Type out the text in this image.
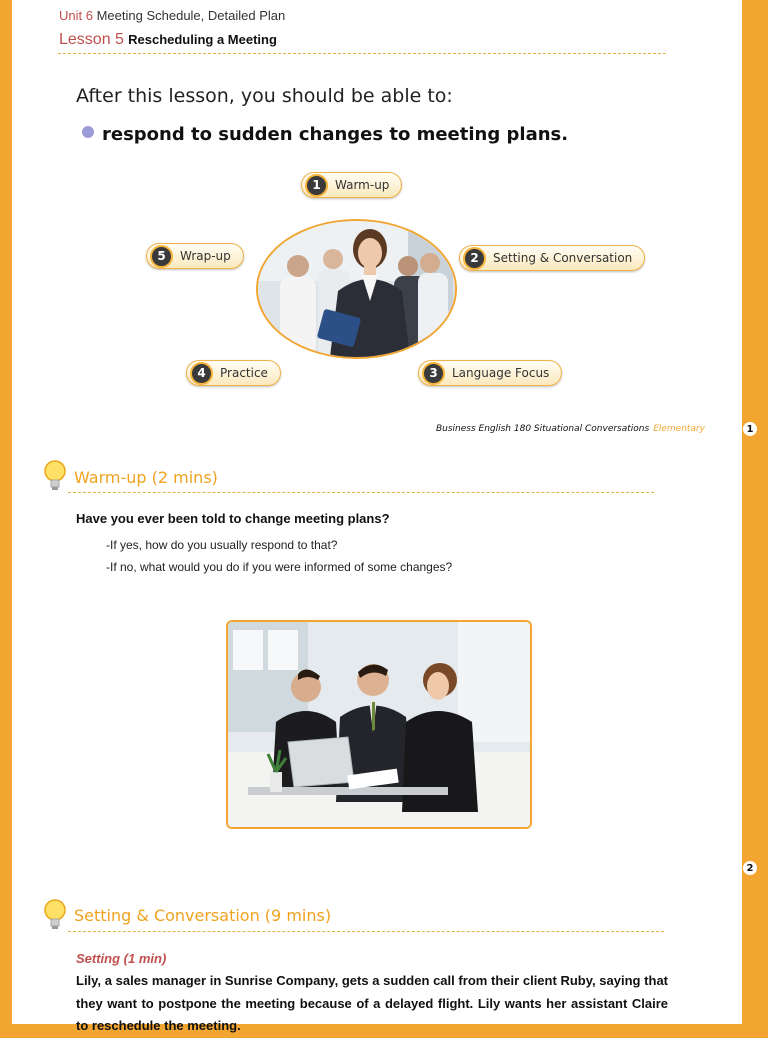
Unit 6 Meeting Schedule, Detailed Plan
Lesson 5 Rescheduling a Meeting
After this lesson, you should be able to:
respond to sudden changes to meeting plans.
1	Warm-up
2	Setting & Conversation
3	Language Focus
4	Practice
5	Wrap-up
Business English 180 Situational Conversations Elementary
Warm-up (2 mins)
Have you ever been told to change meeting plans?
-If yes, how do you usually respond to that?
-If no, what would you do if you were informed of some changes?
Setting & Conversation (9 mins)
Setting (1 min)
Lily, a sales manager in Sunrise Company, gets a sudden call from their client Ruby, saying that they want to postpone the meeting because of a delayed flight. Lily wants her assistant Claire to reschedule the meeting.
1
2
